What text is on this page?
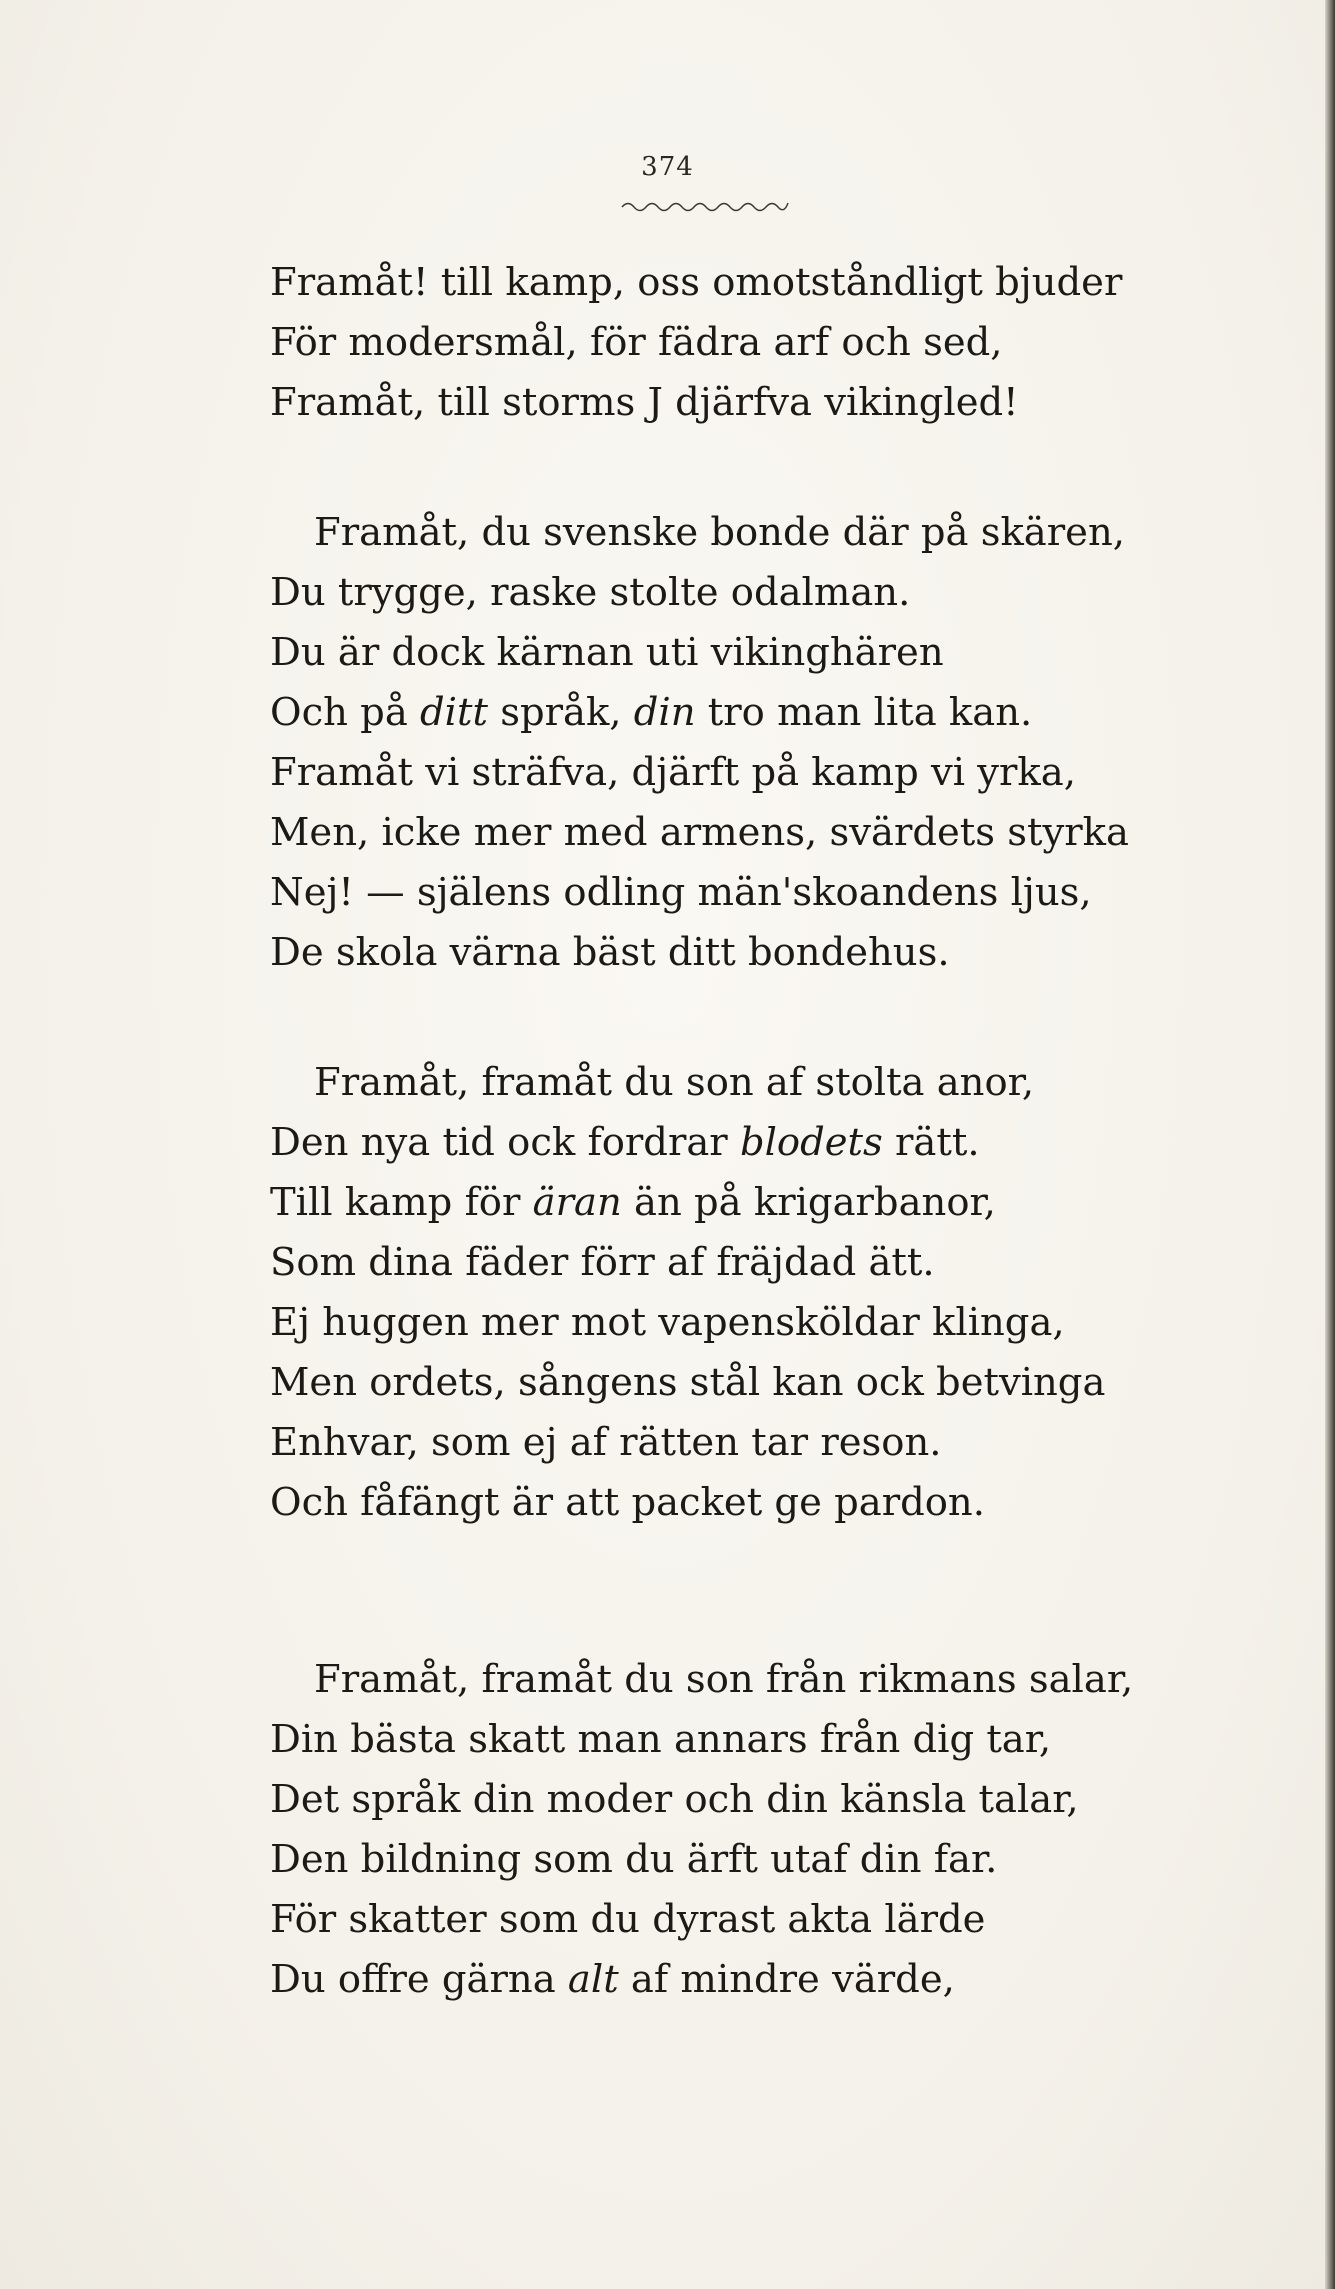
374
Framåt! till kamp, oss omotståndligt bjuder
För modersmål, för fädra arf och sed,
Framåt, till storms J djärfva vikingled!
Framåt, du svenske bonde där på skären,
Du trygge, raske stolte odalman.
Du är dock kärnan uti vikinghären
Och på ditt språk, din tro man lita kan.
Framåt vi sträfva, djärft på kamp vi yrka,
Men, icke mer med armens, svärdets styrka
Nej! — själens odling män'skoandens ljus,
De skola värna bäst ditt bondehus.
Framåt, framåt du son af stolta anor,
Den nya tid ock fordrar blodets rätt.
Till kamp för äran än på krigarbanor,
Som dina fäder förr af fräjdad ätt.
Ej huggen mer mot vapensköldar klinga,
Men ordets, sångens stål kan ock betvinga
Enhvar, som ej af rätten tar reson.
Och fåfängt är att packet ge pardon.
Framåt, framåt du son från rikmans salar,
Din bästa skatt man annars från dig tar,
Det språk din moder och din känsla talar,
Den bildning som du ärft utaf din far.
För skatter som du dyrast akta lärde
Du offre gärna alt af mindre värde,
